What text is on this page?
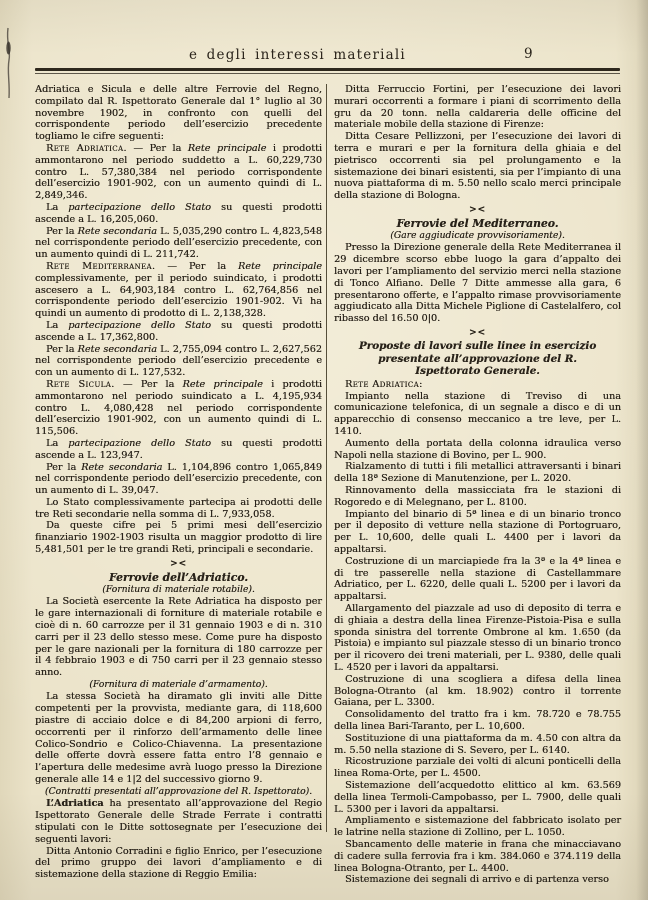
e degli interessi materiali	9

Adriatica e Sicula e delle altre Ferrovie del Regno, compilato dal R. Ispettorato Generale dal 1° luglio al 30 novembre 1902, in confronto con quelli del corrispondente periodo dell’esercizio precedente togliamo le cifre seguenti:

Rete Adriatica. — Per la Rete principale i prodotti ammontarono nel periodo suddetto a L. 60,229,730 contro L. 57,380,384 nel periodo corrispondente dell’esercizio 1901-902, con un aumento quindi di L. 2,849,346.

La partecipazione dello Stato su questi prodotti ascende a L. 16,205,060.

Per la Rete secondaria L. 5,035,290 contro L. 4,823,548 nel corrispondente periodo dell’esercizio precedente, con un aumento quindi di L. 211,742.

Rete Mediterranea. — Per la Rete principale complessivamente, per il periodo suindicato, i prodotti ascesero a L. 64,903,184 contro L. 62,764,856 nel corrispondente periodo dell’esercizio 1901-902. Vi ha quindi un aumento di prodotto di L. 2,138,328.

La partecipazione dello Stato su questi prodotti ascende a L. 17,362,800.

Per la Rete secondaria L. 2,755,094 contro L. 2,627,562 nel corrispondente periodo dell’esercizio precedente e con un aumento di L. 127,532.

Rete Sicula. — Per la Rete principale i prodotti ammontarono nel periodo suindicato a L. 4,195,934 contro L. 4,080,428 nel periodo corrispondente dell’esercizio 1901-902, con un aumento quindi di L. 115,506.

La partecipazione dello Stato su questi prodotti ascende a L. 123,947.

Per la Rete secondaria L. 1,104,896 contro 1,065,849 nel corrispondente periodo dell’esercizio precedente, con un aumento di L. 39,047.

Lo Stato complessivamente partecipa ai prodotti delle tre Reti secondarie nella somma di L. 7,933,058.

Da queste cifre pei 5 primi mesi dell’esercizio finanziario 1902-1903 risulta un maggior prodotto di lire 5,481,501 per le tre grandi Reti, principali e secondarie.

><
Ferrovie dell’Adriatico.
(Fornitura di materiale rotabile).

La Società esercente la Rete Adriatica ha disposto per le gare internazionali di forniture di materiale rotabile e cioè di n. 60 carrozze per il 31 gennaio 1903 e di n. 310 carri per il 23 dello stesso mese. Come pure ha disposto per le gare nazionali per la fornitura di 180 carrozze per il 4 febbraio 1903 e di 750 carri per il 23 gennaio stesso anno.

(Fornitura di materiale d’armamento).

La stessa Società ha diramato gli inviti alle Ditte competenti per la provvista, mediante gara, di 118,600 piastre di acciaio dolce e di 84,200 arpioni di ferro, occorrenti per il rinforzo dell’armamento delle linee Colico-Sondrio e Colico-Chiavenna. La presentazione delle offerte dovrà essere fatta entro l’8 gennaio e l’apertura delle medesime avrà luogo presso la Direzione generale alle 14 e 1|2 del successivo giorno 9.

(Contratti presentati all’approvazione del R. Ispettorato).

L’Adriatica ha presentato all’approvazione del Regio Ispettorato Generale delle Strade Ferrate i contratti stipulati con le Ditte sottosegnate per l’esecuzione dei seguenti lavori:

Ditta Antonio Corradini e figlio Enrico, per l’esecuzione del primo gruppo dei lavori d’ampliamento e di sistemazione della stazione di Reggio Emilia:

Ditta Ferruccio Fortini, per l’esecuzione dei lavori murari occorrenti a formare i piani di scorrimento della gru da 20 tonn. nella caldareria delle officine del materiale mobile della stazione di Firenze:

Ditta Cesare Pellizzoni, per l’esecuzione dei lavori di terra e murari e per la fornitura della ghiaia e del pietrisco occorrenti sia pel prolungamento e la sistemazione dei binari esistenti, sia per l’impianto di una nuova piattaforma di m. 5.50 nello scalo merci principale della stazione di Bologna.

><
Ferrovie del Mediterraneo.
(Gare aggiudicate provvisoriamente).

Presso la Direzione generale della Rete Mediterranea il 29 dicembre scorso ebbe luogo la gara d’appalto dei lavori per l’ampliamento del servizio merci nella stazione di Tonco Alfiano. Delle 7 Ditte ammesse alla gara, 6 presentarono offerte, e l’appalto rimase provvisoriamente aggiudicato alla Ditta Michele Piglione di Castelalfero, col ribasso del 16.50 0|0.

><
Proposte di lavori sulle linee in esercizio presentate all’approvazione del R. Ispettorato Generale.

Rete Adriatica:

Impianto nella stazione di Treviso di una comunicazione telefonica, di un segnale a disco e di un apparecchio di consenso meccanico a tre leve, per L. 1410.

Aumento della portata della colonna idraulica verso Napoli nella stazione di Bovino, per L. 900.

Rialzamento di tutti i fili metallici attraversanti i binari della 18ª Sezione di Manutenzione, per L. 2020.

Rinnovamento della massicciata fra le stazioni di Rogoredo e di Melegnano, per L. 8100.

Impianto del binario di 5ª linea e di un binario tronco per il deposito di vetture nella stazione di Portogruaro, per L. 10,600, delle quali L. 4400 per i lavori da appaltarsi.

Costruzione di un marciapiede fra la 3ª e la 4ª linea e di tre passerelle nella stazione di Castellammare Adriatico, per L. 6220, delle quali L. 5200 per i lavori da appaltarsi.

Allargamento del piazzale ad uso di deposito di terra e di ghiaia a destra della linea Firenze-Pistoia-Pisa e sulla sponda sinistra del torrente Ombrone al km. 1.650 (da Pistoia) e impianto sul piazzale stesso di un binario tronco per il ricovero dei treni materiali, per L. 9380, delle quali L. 4520 per i lavori da appaltarsi.

Costruzione di una scogliera a difesa della linea Bologna-Otranto (al km. 18.902) contro il torrente Gaiana, per L. 3300.

Consolidamento del tratto fra i km. 78.720 e 78.755 della linea Bari-Taranto, per L. 10,600.

Sostituzione di una piattaforma da m. 4.50 con altra da m. 5.50 nella stazione di S. Severo, per L. 6140.

Ricostruzione parziale dei volti di alcuni ponticelli della linea Roma-Orte, per L. 4500.

Sistemazione dell’acquedotto elittico al km. 63.569 della linea Termoli-Campobasso, per L. 7900, delle quali L. 5300 per i lavori da appaltarsi.

Ampliamento e sistemazione del fabbricato isolato per le latrine nella stazione di Zollino, per L. 1050.

Sbancamento delle materie in frana che minacciavano di cadere sulla ferrovia fra i km. 384.060 e 374.119 della linea Bologna-Otranto, per L. 4400.

Sistemazione dei segnali di arrivo e di partenza verso
